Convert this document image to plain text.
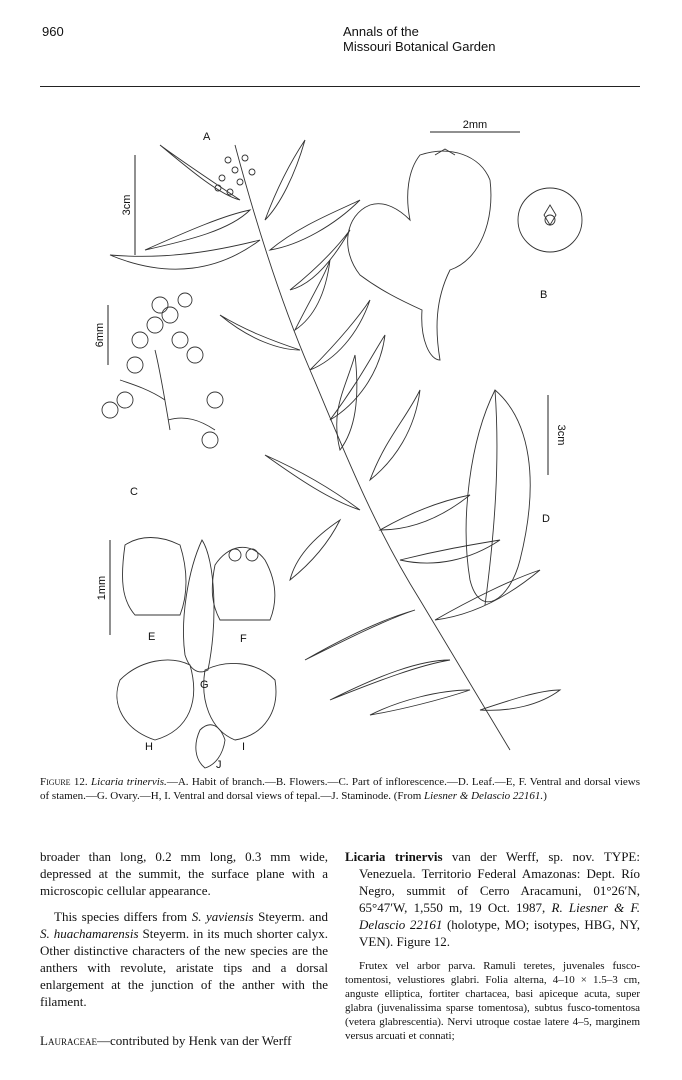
960	Annals of the
Missouri Botanical Garden
A
B
C
D
E	F
G
H	I
J
3cm
2mm
6mm
3cm
1mm
Figure 12. Licaria trinervis.—A. Habit of branch.—B. Flowers.—C. Part of inflorescence.—D. Leaf.—E, F. Ventral and dorsal views of stamen.—G. Ovary.—H, I. Ventral and dorsal views of tepal.—J. Staminode. (From Liesner & Delascio 22161.)

broader than long, 0.2 mm long, 0.3 mm wide, depressed at the summit, the surface plane with a microscopic cellular appearance.

This species differs from S. yaviensis Steyerm. and S. huachamarensis Steyerm. in its much shorter calyx. Other distinctive characters of the new species are the anthers with revolute, aristate tips and a dorsal enlargement at the junction of the anther with the filament.

Lauraceae—contributed by Henk van der Werff

Licaria trinervis van der Werff, sp. nov. TYPE: Venezuela. Territorio Federal Amazonas: Dept. Río Negro, summit of Cerro Aracamuni, 01°26′N, 65°47′W, 1,550 m, 19 Oct. 1987, R. Liesner & F. Delascio 22161 (holotype, MO; isotypes, HBG, NY, VEN). Figure 12.

Frutex vel arbor parva. Ramuli teretes, juvenales fusco-tomentosi, velustiores glabri. Folia alterna, 4–10 × 1.5–3 cm, anguste elliptica, fortiter chartacea, basi apiceque acuta, super glabra (juvenalissima sparse tomentosa), subtus fusco-tomentosa (vetera glabrescentia). Nervi utroque costae latere 4–5, marginem versus arcuati et connati;
